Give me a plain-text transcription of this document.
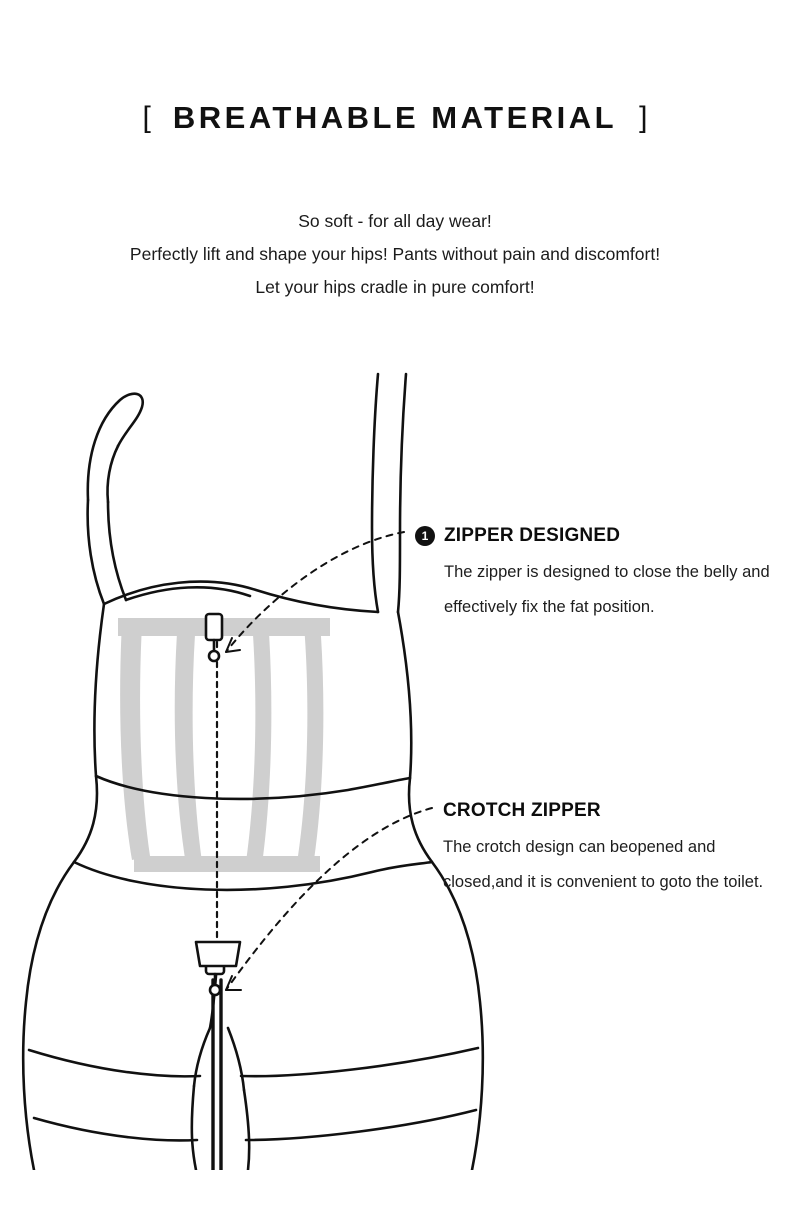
[ BREATHABLE MATERIAL ]
So soft - for all day wear!
Perfectly lift and shape your hips! Pants without pain and discomfort!
Let your hips cradle in pure comfort!
1 ZIPPER DESIGNED
The zipper is designed to close the belly and effectively fix the fat position.
CROTCH ZIPPER
The crotch design can beopened and closed,and it is convenient to goto the toilet.
